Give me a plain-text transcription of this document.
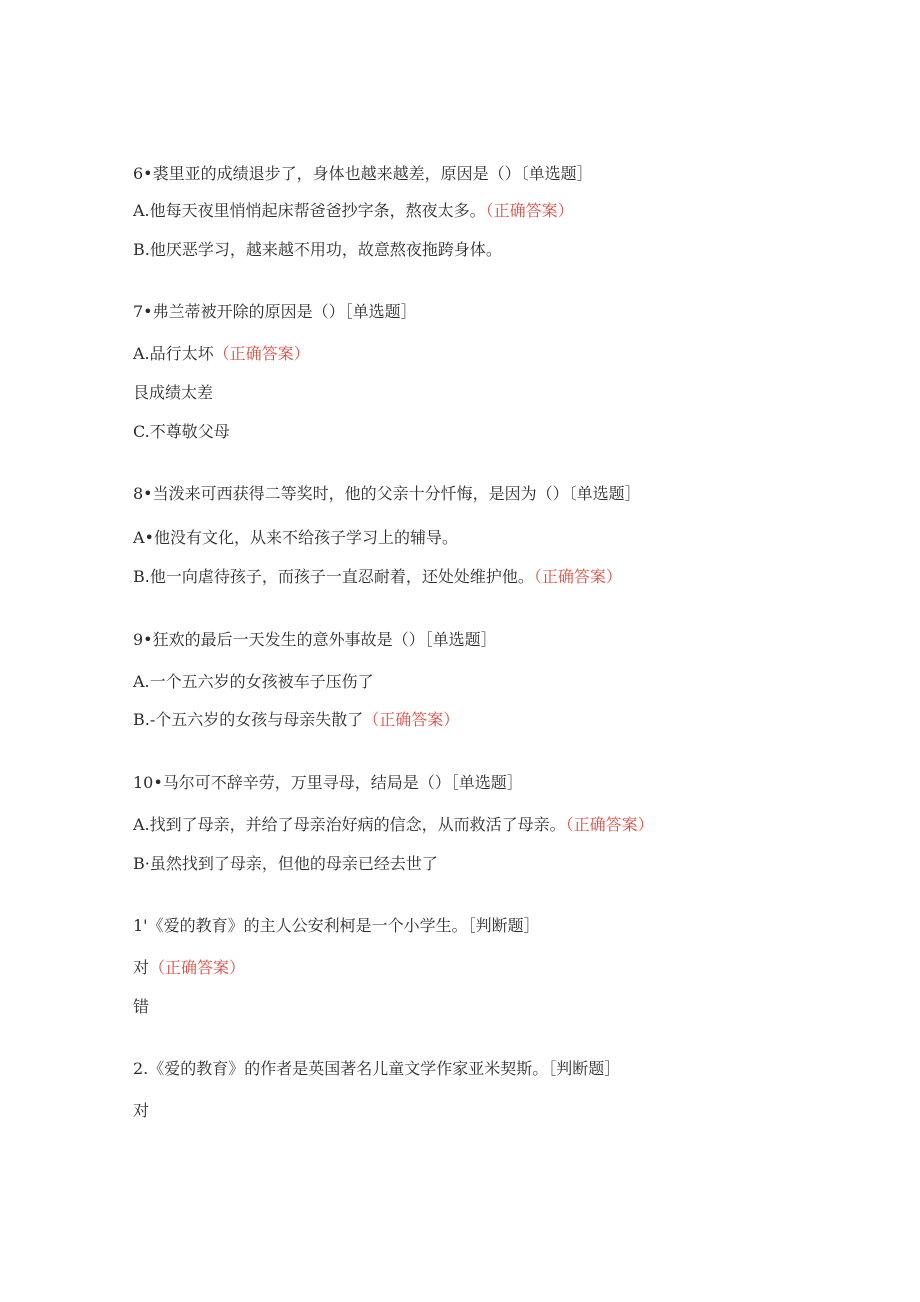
6•裘里亚的成绩退步了，身体也越来越差，原因是（）〔单选题］
A.他每天夜里悄悄起床帮爸爸抄字条，熬夜太多。（正确答案）
B.他厌恶学习，越来越不用功，故意熬夜拖跨身体。
7•弗兰蒂被开除的原因是（）［单选题］
A.品行太坏（正确答案）
艮成绩太差
C.不尊敬父母
8•当泼来可西获得二等奖时，他的父亲十分忏悔，是因为（）〔单选题］
A•他没有文化，从来不给孩子学习上的辅导。
B.他一向虐待孩子，而孩子一直忍耐着，还处处维护他。（正确答案）
9•狂欢的最后一天发生的意外事故是（）［单选题］
A.一个五六岁的女孩被车子压伤了
B.-个五六岁的女孩与母亲失散了（正确答案）
10•马尔可不辞辛劳，万里寻母，结局是（）［单选题］
A.找到了母亲，并给了母亲治好病的信念，从而救活了母亲。（正确答案）
B·虽然找到了母亲，但他的母亲已经去世了
1'《爱的教育》的主人公安利柯是一个小学生。［判断题］
对（正确答案）
错
2.《爱的教育》的作者是英国著名儿童文学作家亚米契斯。［判断题］
对
